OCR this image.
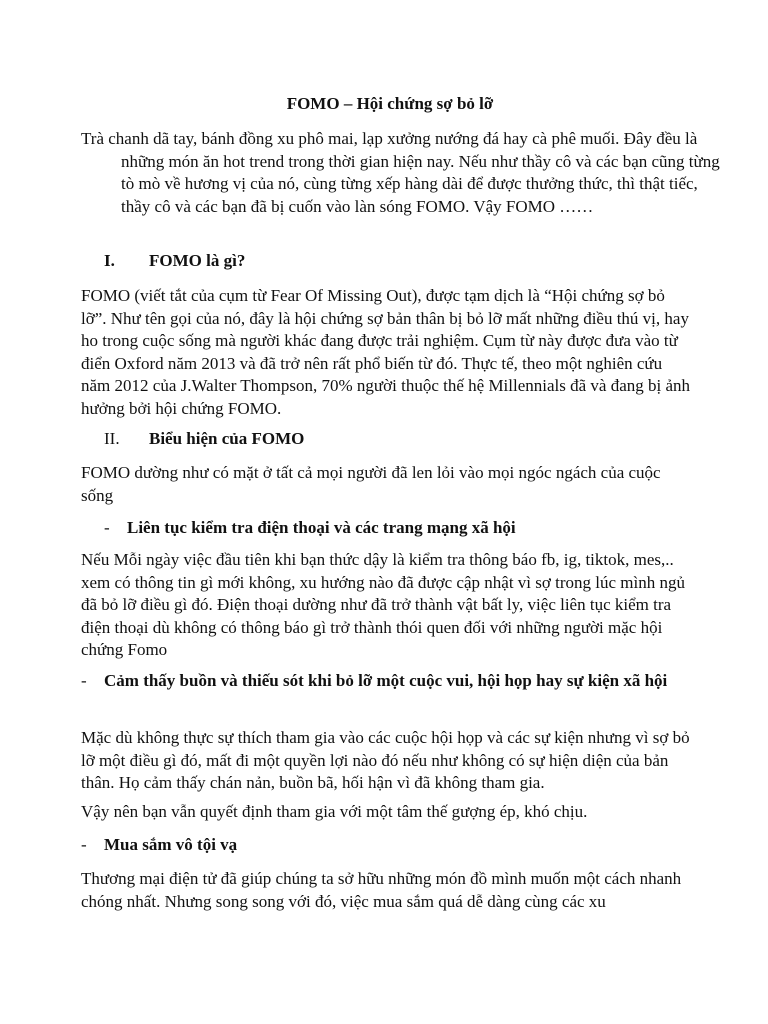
FOMO – Hội chứng sợ bỏ lỡ

Trà chanh dã tay, bánh đồng xu phô mai, lạp xưởng nướng đá hay cà phê muối. Đây đều là những món ăn hot trend trong thời gian hiện nay. Nếu như thầy cô và các bạn cũng từng tò mò về hương vị của nó, cùng từng xếp hàng dài để được thưởng thức, thì thật tiếc, thầy cô và các bạn đã bị cuốn vào làn sóng FOMO. Vậy FOMO ……

I. FOMO là gì?

FOMO (viết tắt của cụm từ Fear Of Missing Out), được tạm dịch là “Hội chứng sợ bỏ lỡ”. Như tên gọi của nó, đây là hội chứng sợ bản thân bị bỏ lỡ mất những điều thú vị, hay ho trong cuộc sống mà người khác đang được trải nghiệm. Cụm từ này được đưa vào từ điển Oxford năm 2013 và đã trở nên rất phổ biến từ đó. Thực tế, theo một nghiên cứu năm 2012 của J.Walter Thompson, 70% người thuộc thế hệ Millennials đã và đang bị ảnh hưởng bởi hội chứng FOMO.

II. Biểu hiện của FOMO

FOMO dường như có mặt ở tất cả mọi người đã len lỏi vào mọi ngóc ngách của cuộc sống

-	Liên tục kiểm tra điện thoại và các trang mạng xã hội

Nếu Mỗi ngày việc đầu tiên khi bạn thức dậy là kiểm tra thông báo fb, ig, tiktok, mes,.. xem có thông tin gì mới không, xu hướng nào đã được cập nhật vì sợ trong lúc mình ngủ đã bỏ lỡ điều gì đó. Điện thoại dường như đã trở thành vật bất ly, việc liên tục kiểm tra điện thoại dù không có thông báo gì trở thành thói quen đối với những người mặc hội chứng Fomo

-	Cảm thấy buồn và thiếu sót khi bỏ lỡ một cuộc vui, hội họp hay sự kiện xã hội

Mặc dù không thực sự thích tham gia vào các cuộc hội họp và các sự kiện nhưng vì sợ bỏ lỡ một điều gì đó, mất đi một quyền lợi nào đó nếu như không có sự hiện diện của bản thân. Họ cảm thấy chán nản, buồn bã, hối hận vì đã không tham gia.

Vậy nên bạn vẫn quyết định tham gia với một tâm thế gượng ép, khó chịu.

-	Mua sắm vô tội vạ

Thương mại điện tử đã giúp chúng ta sở hữu những món đồ mình muốn một cách nhanh chóng nhất. Nhưng song song với đó, việc mua sắm quá dễ dàng cùng các xu
